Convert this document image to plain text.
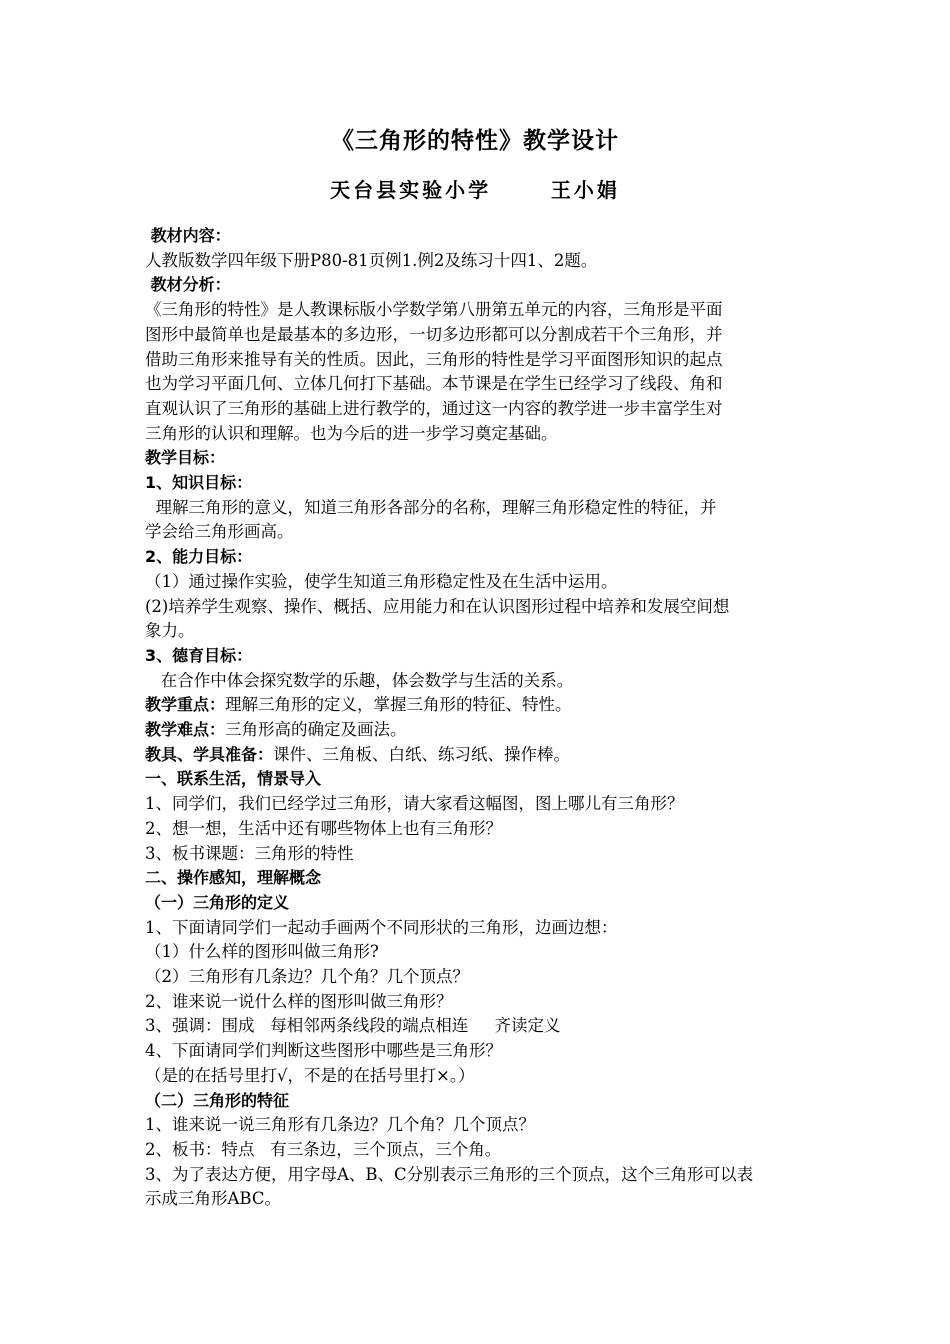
《三角形的特性》教学设计
天台县实验小学      王小娟
教材内容：
人教版数学四年级下册P80-81页例1.例2及练习十四1、2题。
教材分析：
《三角形的特性》是人教课标版小学数学第八册第五单元的内容，三角形是平面
图形中最简单也是最基本的多边形，一切多边形都可以分割成若干个三角形，并
借助三角形来推导有关的性质。因此，三角形的特性是学习平面图形知识的起点
也为学习平面几何、立体几何打下基础。本节课是在学生已经学习了线段、角和
直观认识了三角形的基础上进行教学的，通过这一内容的教学进一步丰富学生对
三角形的认识和理解。也为今后的进一步学习奠定基础。
教学目标：
1、知识目标：
理解三角形的意义，知道三角形各部分的名称，理解三角形稳定性的特征，并
学会给三角形画高。
2、能力目标：
（1）通过操作实验，使学生知道三角形稳定性及在生活中运用。
(2)培养学生观察、操作、概括、应用能力和在认识图形过程中培养和发展空间想
象力。
3、德育目标：
在合作中体会探究数学的乐趣，体会数学与生活的关系。
教学重点：理解三角形的定义，掌握三角形的特征、特性。
教学难点：三角形高的确定及画法。
教具、学具准备：课件、三角板、白纸、练习纸、操作棒。
一、联系生活，情景导入
1、同学们，我们已经学过三角形，请大家看这幅图，图上哪儿有三角形？
2、想一想，生活中还有哪些物体上也有三角形？
3、板书课题：三角形的特性
二、操作感知，理解概念
（一）三角形的定义
1、下面请同学们一起动手画两个不同形状的三角形，边画边想：
（1）什么样的图形叫做三角形?
（2）三角形有几条边？几个角？几个顶点？
2、谁来说一说什么样的图形叫做三角形？
3、强调：围成   每相邻两条线段的端点相连     齐读定义
4、下面请同学们判断这些图形中哪些是三角形？
（是的在括号里打√，不是的在括号里打×。）
（二）三角形的特征
1、谁来说一说三角形有几条边？几个角？几个顶点？
2、板书：特点   有三条边，三个顶点，三个角。
3、为了表达方便，用字母A、B、C分别表示三角形的三个顶点，这个三角形可以表
示成三角形ABC。
